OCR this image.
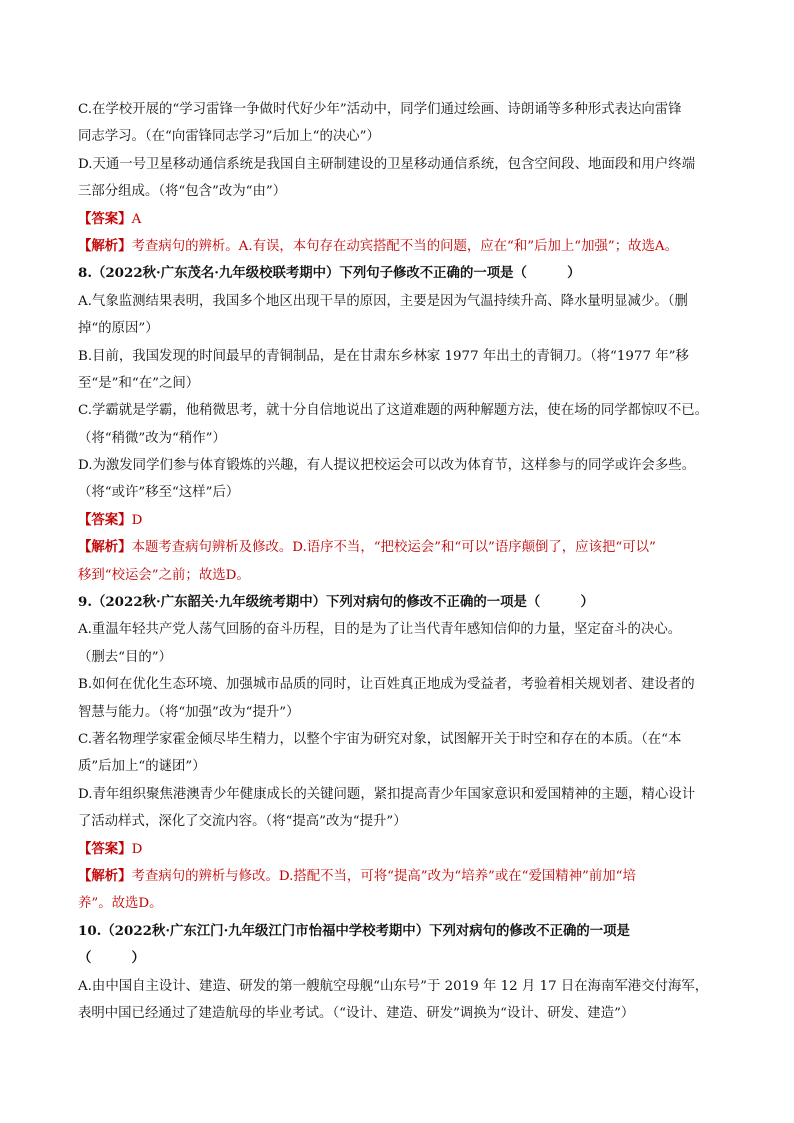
C.在学校开展的“学习雷锋一争做时代好少年”活动中，同学们通过绘画、诗朗诵等多种形式表达向雷锋
同志学习。（在“向雷锋同志学习”后加上“的决心”）
D.天通一号卫星移动通信系统是我国自主研制建设的卫星移动通信系统，包含空间段、地面段和用户终端
三部分组成。（将“包含”改为“由”）
【答案】A
【解析】考查病句的辨析。A.有误，本句存在动宾搭配不当的问题，应在“和”后加上“加强”；故选A。
8.（2022秋·广东茂名·九年级校联考期中）下列句子修改不正确的一项是（　　　）
A.气象监测结果表明，我国多个地区出现干旱的原因，主要是因为气温持续升高、降水量明显减少。（删
掉“的原因”）
B.目前，我国发现的时间最早的青铜制品，是在甘肃东乡林家 1977 年出土的青铜刀。（将“1977 年”移
至“是”和“在”之间）
C.学霸就是学霸，他稍微思考，就十分自信地说出了这道难题的两种解题方法，使在场的同学都惊叹不已。
（将“稍微”改为“稍作”）
D.为激发同学们参与体育锻炼的兴趣，有人提议把校运会可以改为体育节，这样参与的同学或许会多些。
（将“或许”移至“这样”后）
【答案】D
【解析】本题考查病句辨析及修改。D.语序不当，“把校运会”和“可以”语序颠倒了，应该把“可以”
移到“校运会”之前；故选D。
9.（2022秋·广东韶关·九年级统考期中）下列对病句的修改不正确的一项是（　　　）
A.重温年轻共产党人荡气回肠的奋斗历程，目的是为了让当代青年感知信仰的力量，坚定奋斗的决心。
（删去“目的”）
B.如何在优化生态环境、加强城市品质的同时，让百姓真正地成为受益者，考验着相关规划者、建设者的
智慧与能力。（将“加强”改为“提升”）
C.著名物理学家霍金倾尽毕生精力，以整个宇宙为研究对象，试图解开关于时空和存在的本质。（在“本
质”后加上“的谜团”）
D.青年组织聚焦港澳青少年健康成长的关键问题，紧扣提高青少年国家意识和爱国精神的主题，精心设计
了活动样式，深化了交流内容。（将“提高”改为“提升”）
【答案】D
【解析】考查病句的辨析与修改。D.搭配不当，可将“提高”改为“培养”或在“爱国精神”前加“培
养”。故选D。
10.（2022秋·广东江门·九年级江门市怡福中学校考期中）下列对病句的修改不正确的一项是
（　　　）
A.由中国自主设计、建造、研发的第一艘航空母舰“山东号”于 2019 年 12 月 17 日在海南军港交付海军，
表明中国已经通过了建造航母的毕业考试。（“设计、建造、研发”调换为“设计、研发、建造”）
